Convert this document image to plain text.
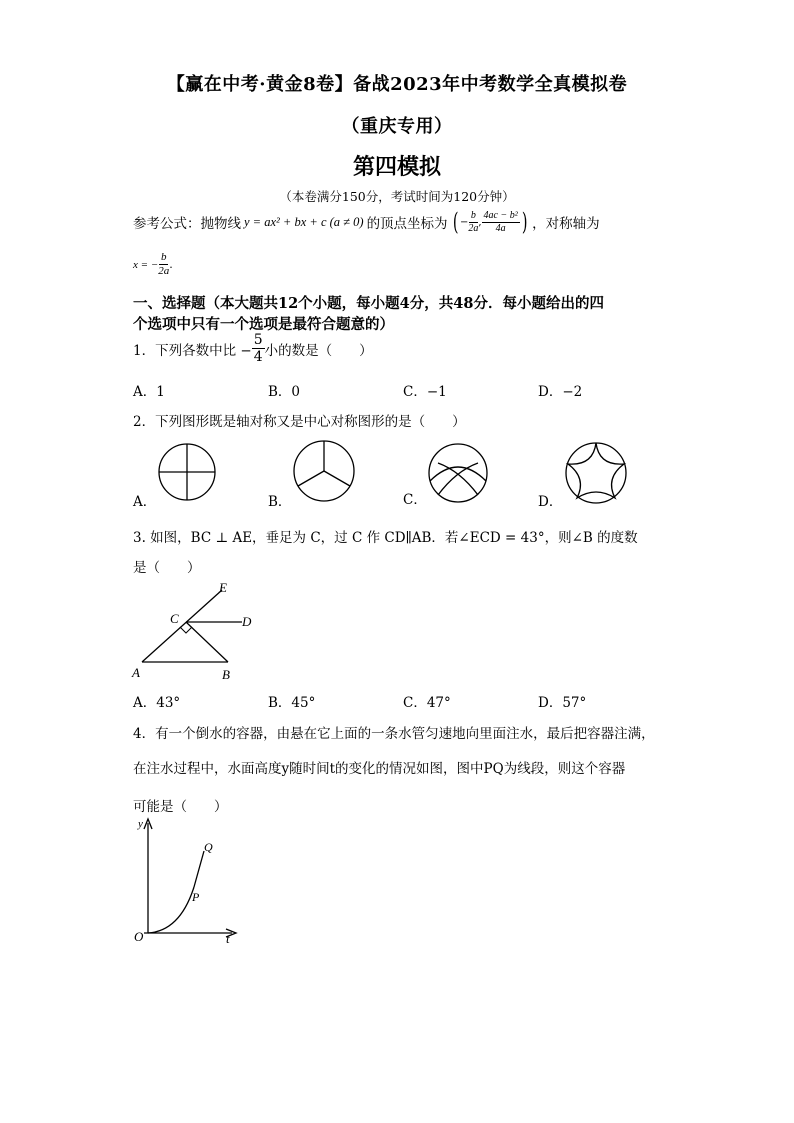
【赢在中考·黄金8卷】备战2023年中考数学全真模拟卷
（重庆专用）
第四模拟
（本卷满分150分，考试时间为120分钟）
参考公式：抛物线 y = ax² + bx + c (a ≠ 0) 的顶点坐标为 ( − $\frac{b}{2a}$ , $\frac{\text{4ac − b²}}{4a}$ ) ，对称轴为
x = − $\frac{b}{2a}$ .
一、选择题（本大题共12个小题，每小题4分，共48分．每小题给出的四
个选项中只有一个选项是最符合题意的）
1．下列各数中比 − $\frac{5}{4}$ 小的数是（　　）
A．1	B．0	C．−1	D．−2
2．下列图形既是轴对称又是中心对称图形的是（　　）
A．	B．	C．	D．
3. 如图，BC ⊥ AE，垂足为 C，过 C 作 CD∥AB．若∠ECD = 43°，则∠B 的度数
是（　　）
E
C	D
A	B
A．43°	B．45°	C．47°	D．57°
4．有一个倒水的容器，由悬在它上面的一条水管匀速地向里面注水，最后把容器注满，
在注水过程中，水面高度y随时间t的变化的情况如图，图中PQ为线段，则这个容器
可能是（　　）
y
t
O
P
Q
